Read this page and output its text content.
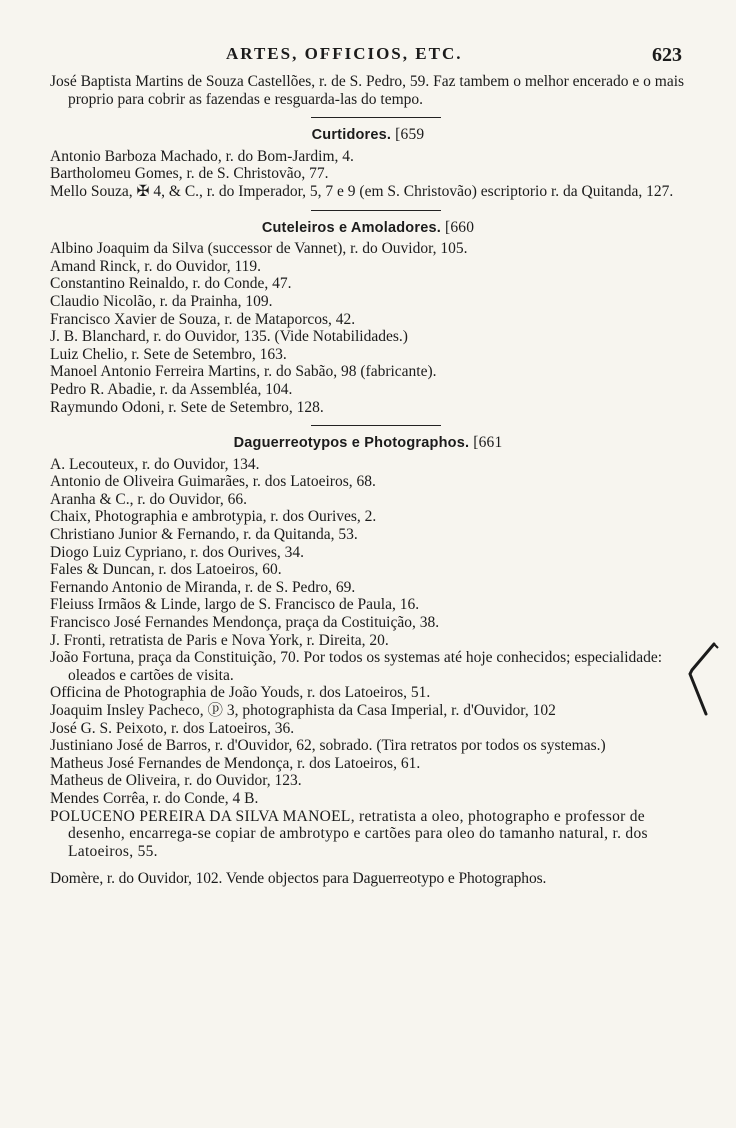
ARTES, OFFICIOS, ETC.	623

José Baptista Martins de Souza Castellões, r. de S. Pedro, 59. Faz tambem o melhor encerado e o mais proprio para cobrir as fazendas e resguarda-las do tempo.

Curtidores. [659

Antonio Barboza Machado, r. do Bom-Jardim, 4.

Bartholomeu Gomes, r. de S. Christovão, 77.

Mello Souza, ✠ 4, & C., r. do Imperador, 5, 7 e 9 (em S. Christovão) escriptorio r. da Quitanda, 127.

Cuteleiros e Amoladores. [660

Albino Joaquim da Silva (successor de Vannet), r. do Ouvidor, 105.

Amand Rinck, r. do Ouvidor, 119.

Constantino Reinaldo, r. do Conde, 47.

Claudio Nicolão, r. da Prainha, 109.

Francisco Xavier de Souza, r. de Mataporcos, 42.

J. B. Blanchard, r. do Ouvidor, 135. (Vide Notabilidades.)

Luiz Chelio, r. Sete de Setembro, 163.

Manoel Antonio Ferreira Martins, r. do Sabão, 98 (fabricante).

Pedro R. Abadie, r. da Assembléa, 104.

Raymundo Odoni, r. Sete de Setembro, 128.

Daguerreotypos e Photographos. [661

A. Lecouteux, r. do Ouvidor, 134.

Antonio de Oliveira Guimarães, r. dos Latoeiros, 68.

Aranha & C., r. do Ouvidor, 66.

Chaix, Photographia e ambrotypia, r. dos Ourives, 2.

Christiano Junior & Fernando, r. da Quitanda, 53.

Diogo Luiz Cypriano, r. dos Ourives, 34.

Fales & Duncan, r. dos Latoeiros, 60.

Fernando Antonio de Miranda, r. de S. Pedro, 69.

Fleiuss Irmãos & Linde, largo de S. Francisco de Paula, 16.

Francisco José Fernandes Mendonça, praça da Costituição, 38.

J. Fronti, retratista de Paris e Nova York, r. Direita, 20.

João Fortuna, praça da Constituição, 70. Por todos os systemas até hoje conhecidos; especialidade: oleados e cartões de visita.

Officina de Photographia de João Youds, r. dos Latoeiros, 51.

Joaquim Insley Pacheco, ⓟ 3, photographista da Casa Imperial, r. d'Ouvidor, 102

José G. S. Peixoto, r. dos Latoeiros, 36.

Justiniano José de Barros, r. d'Ouvidor, 62, sobrado. (Tira retratos por todos os systemas.)

Matheus José Fernandes de Mendonça, r. dos Latoeiros, 61.

Matheus de Oliveira, r. do Ouvidor, 123.

Mendes Corrêa, r. do Conde, 4 B.

POLUCENO PEREIRA DA SILVA MANOEL, retratista a oleo, photographo e professor de desenho, encarrega-se copiar de ambrotypo e cartões para oleo do tamanho natural, r. dos Latoeiros, 55.

Domère, r. do Ouvidor, 102. Vende objectos para Daguerreotypo e Photographos.
